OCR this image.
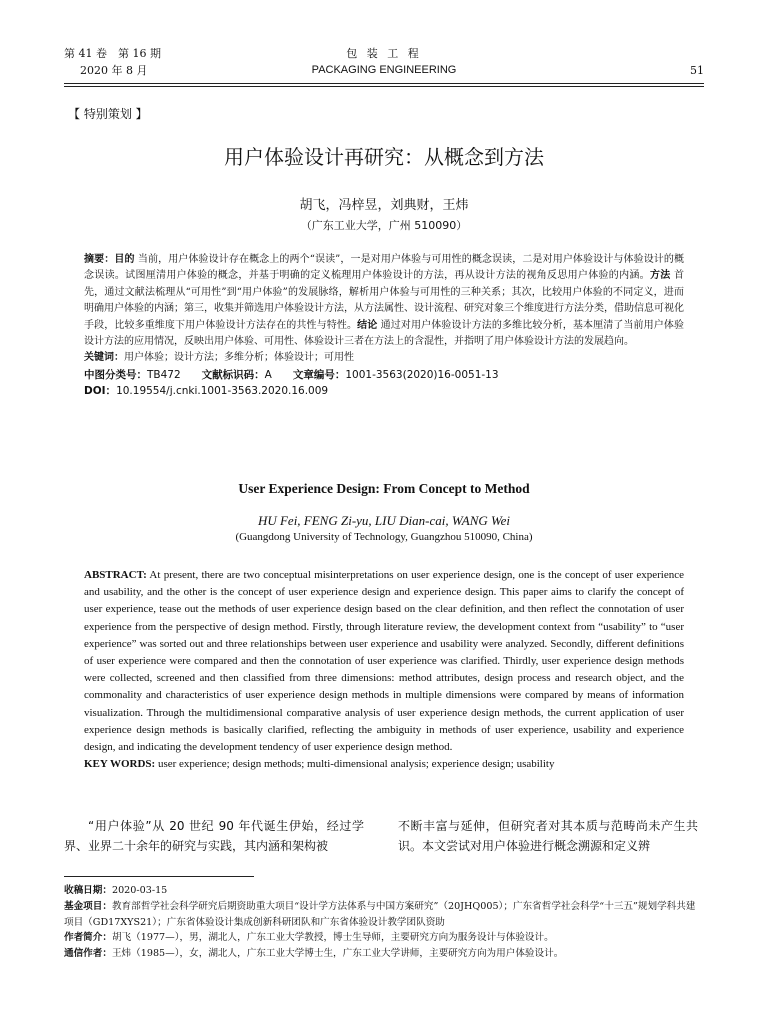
第 41 卷　第 16 期
2020 年 8 月
包 装 工 程
PACKAGING ENGINEERING	51
【 特别策划 】
用户体验设计再研究：从概念到方法
胡飞，冯梓昱，刘典财，王炜
（广东工业大学，广州 510090）

摘要：目的 当前，用户体验设计存在概念上的两个“误读”，一是对用户体验与可用性的概念误读，二是对用户体验设计与体验设计的概念误读。试图厘清用户体验的概念，并基于明确的定义梳理用户体验设计的方法，再从设计方法的视角反思用户体验的内涵。方法 首先，通过文献法梳理从“可用性”到“用户体验”的发展脉络，解析用户体验与可用性的三种关系；其次，比较用户体验的不同定义，进而明确用户体验的内涵；第三，收集并筛选用户体验设计方法，从方法属性、设计流程、研究对象三个维度进行方法分类，借助信息可视化手段，比较多重维度下用户体验设计方法存在的共性与特性。结论 通过对用户体验设计方法的多维比较分析，基本厘清了当前用户体验设计方法的应用情况，反映出用户体验、可用性、体验设计三者在方法上的含混性，并指明了用户体验设计方法的发展趋向。

关键词：用户体验；设计方法；多维分析；体验设计；可用性

中图分类号：TB472　　 文献标识码：A　　 文章编号：1001-3563(2020)16-0051-13

DOI：10.19554/j.cnki.1001-3563.2020.16.009

User Experience Design: From Concept to Method
HU Fei, FENG Zi-yu, LIU Dian-cai, WANG Wei
(Guangdong University of Technology, Guangzhou 510090, China)

ABSTRACT: At present, there are two conceptual misinterpretations on user experience design, one is the concept of user experience and usability, and the other is the concept of user experience design and experience design. This paper aims to clarify the concept of user experience, tease out the methods of user experience design based on the clear definition, and then reflect the connotation of user experience from the perspective of design method. Firstly, through literature review, the development context from “usability” to “user experience” was sorted out and three relationships between user experience and usability were analyzed. Secondly, different definitions of user experience were compared and then the connotation of user experience was clarified. Thirdly, user experience design methods were collected, screened and then classified from three dimensions: method attributes, design process and research object, and the commonality and characteristics of user experience design methods in multiple dimensions were compared by means of information visualization. Through the multidimensional comparative analysis of user experience design methods, the current application of user experience design methods is basically clarified, reflecting the ambiguity in methods of user experience, usability and experience design, and indicating the development tendency of user experience design method.

KEY WORDS: user experience; design methods; multi-dimensional analysis; experience design; usability

“用户体验”从 20 世纪 90 年代诞生伊始，经过学界、业界二十余年的研究与实践，其内涵和架构被
不断丰富与延伸，但研究者对其本质与范畴尚未产生共识。本文尝试对用户体验进行概念溯源和定义辨

收稿日期：2020-03-15

基金项目：教育部哲学社会科学研究后期资助重大项目“设计学方法体系与中国方案研究”（20JHQ005）；广东省哲学社会科学“十三五”规划学科共建项目（GD17XYS21）；广东省体验设计集成创新科研团队和广东省体验设计教学团队资助

作者简介：胡飞（1977—），男，湖北人，广东工业大学教授，博士生导师，主要研究方向为服务设计与体验设计。

通信作者：王炜（1985—），女，湖北人，广东工业大学博士生，广东工业大学讲师，主要研究方向为用户体验设计。
